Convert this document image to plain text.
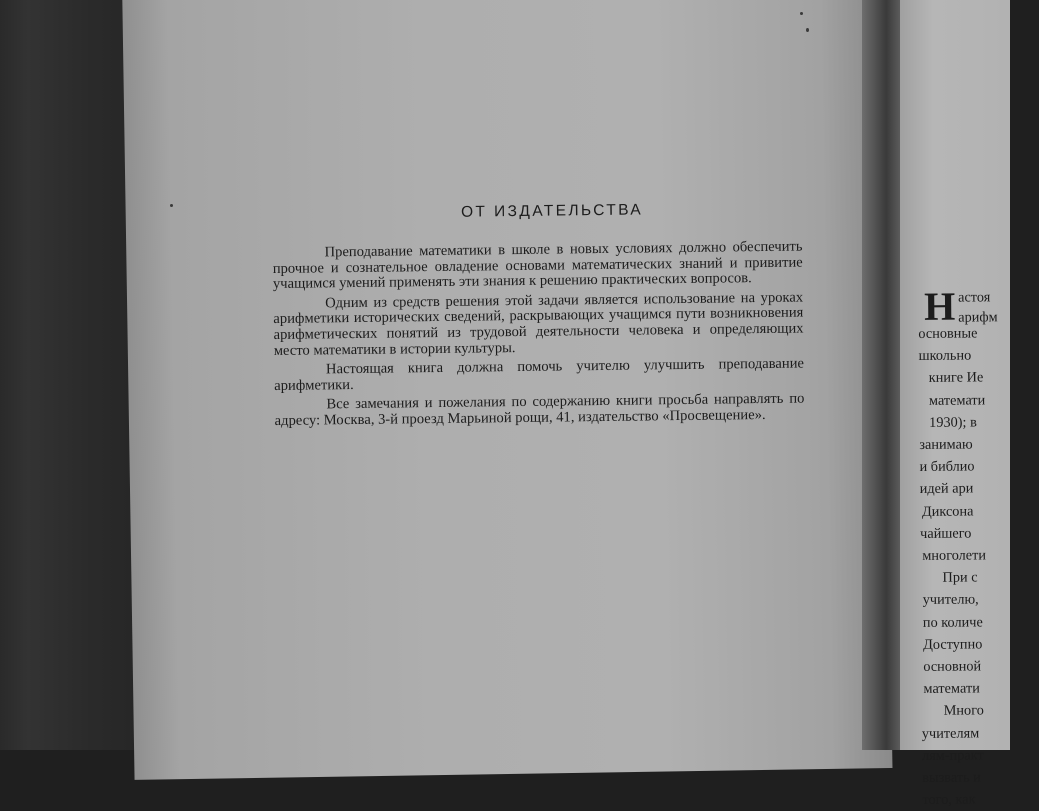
ОТ ИЗДАТЕЛЬСТВА

Преподавание математики в школе в новых условиях должно обеспечить прочное и сознательное овладение основами математических знаний и привитие учащимся умений применять эти знания к решению практических вопросов.

Одним из средств решения этой задачи является использование на уроках арифметики исторических сведений, раскрывающих учащимся пути возникновения арифметических понятий из трудовой деятельности человека и определяющих место математики в истории культуры.

Настоящая книга должна помочь учителю улучшить преподавание арифметики.

Все замечания и пожелания по содержанию книги просьба направлять по адресу: Москва, 3-й проезд Марьиной рощи, 41, издательство «Просвещение».

Н астоя
арифм
основные
школьно
книге Ие
математи
1930); в
занимаю
и библио
идей ари
Диксона
чайшего
многолети
При с
учителю,
по количе
Доступно
основной
математи
Много
учителям
лям-практ
вызвать и
того, как
